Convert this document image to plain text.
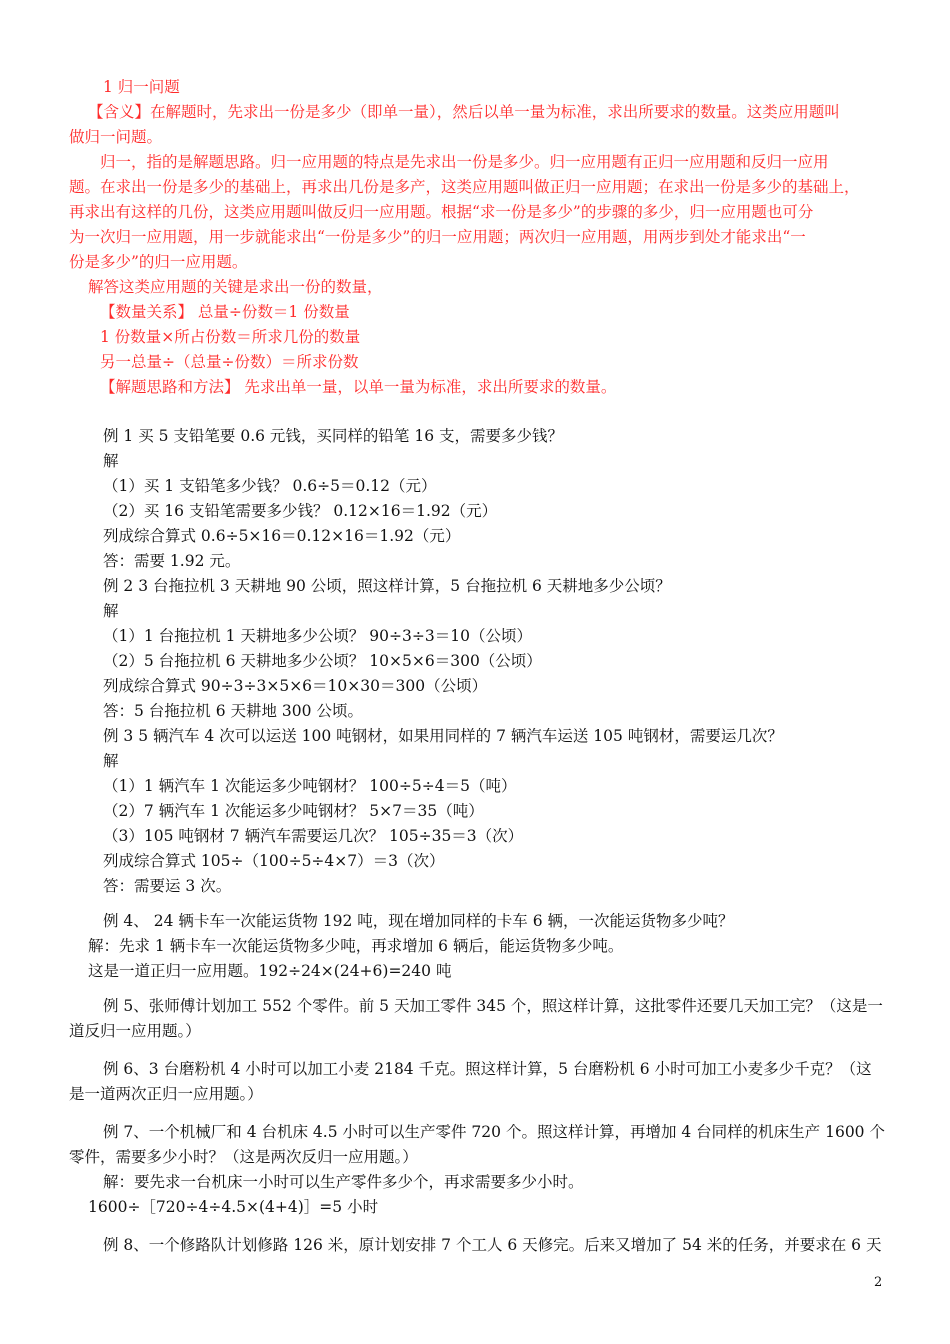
1 归一问题
【含义】在解题时，先求出一份是多少（即单一量），然后以单一量为标准，求出所要求的数量。这类应用题叫
做归一问题。
归一，指的是解题思路。归一应用题的特点是先求出一份是多少。归一应用题有正归一应用题和反归一应用
题。在求出一份是多少的基础上，再求出几份是多产，这类应用题叫做正归一应用题；在求出一份是多少的基础上，
再求出有这样的几份，这类应用题叫做反归一应用题。根据“求一份是多少”的步骤的多少，归一应用题也可分
为一次归一应用题，用一步就能求出“一份是多少”的归一应用题；两次归一应用题，用两步到处才能求出“一
份是多少”的归一应用题。
解答这类应用题的关键是求出一份的数量，
【数量关系】 总量÷份数＝1 份数量
1 份数量×所占份数＝所求几份的数量
另一总量÷（总量÷份数）＝所求份数
【解题思路和方法】 先求出单一量，以单一量为标准，求出所要求的数量。
例 1 买 5 支铅笔要 0.6 元钱，买同样的铅笔 16 支，需要多少钱？
解
（1）买 1 支铅笔多少钱？ 0.6÷5＝0.12（元）
（2）买 16 支铅笔需要多少钱？ 0.12×16＝1.92（元）
列成综合算式 0.6÷5×16＝0.12×16＝1.92（元）
答：需要 1.92 元。
例 2 3 台拖拉机 3 天耕地 90 公顷，照这样计算，5 台拖拉机 6 天耕地多少公顷？
解
（1）1 台拖拉机 1 天耕地多少公顷？ 90÷3÷3＝10（公顷）
（2）5 台拖拉机 6 天耕地多少公顷？ 10×5×6＝300（公顷）
列成综合算式 90÷3÷3×5×6＝10×30＝300（公顷）
答：5 台拖拉机 6 天耕地 300 公顷。
例 3 5 辆汽车 4 次可以运送 100 吨钢材，如果用同样的 7 辆汽车运送 105 吨钢材，需要运几次？
解
（1）1 辆汽车 1 次能运多少吨钢材？ 100÷5÷4＝5（吨）
（2）7 辆汽车 1 次能运多少吨钢材？ 5×7＝35（吨）
（3）105 吨钢材 7 辆汽车需要运几次？ 105÷35＝3（次）
列成综合算式 105÷（100÷5÷4×7）＝3（次）
答：需要运 3 次。
例 4、 24 辆卡车一次能运货物 192 吨，现在增加同样的卡车 6 辆，一次能运货物多少吨？
解：先求 1 辆卡车一次能运货物多少吨，再求增加 6 辆后，能运货物多少吨。
这是一道正归一应用题。192÷24×(24+6)=240 吨
例 5、张师傅计划加工 552 个零件。前 5 天加工零件 345 个，照这样计算，这批零件还要几天加工完？（这是一
道反归一应用题。）
例 6、3 台磨粉机 4 小时可以加工小麦 2184 千克。照这样计算，5 台磨粉机 6 小时可加工小麦多少千克？（这
是一道两次正归一应用题。）
例 7、一个机械厂和 4 台机床 4.5 小时可以生产零件 720 个。照这样计算，再增加 4 台同样的机床生产 1600 个
零件，需要多少小时？（这是两次反归一应用题。）
解：要先求一台机床一小时可以生产零件多少个，再求需要多少小时。
1600÷［720÷4÷4.5×(4+4)］=5 小时
例 8、一个修路队计划修路 126 米，原计划安排 7 个工人 6 天修完。后来又增加了 54 米的任务，并要求在 6 天
2
